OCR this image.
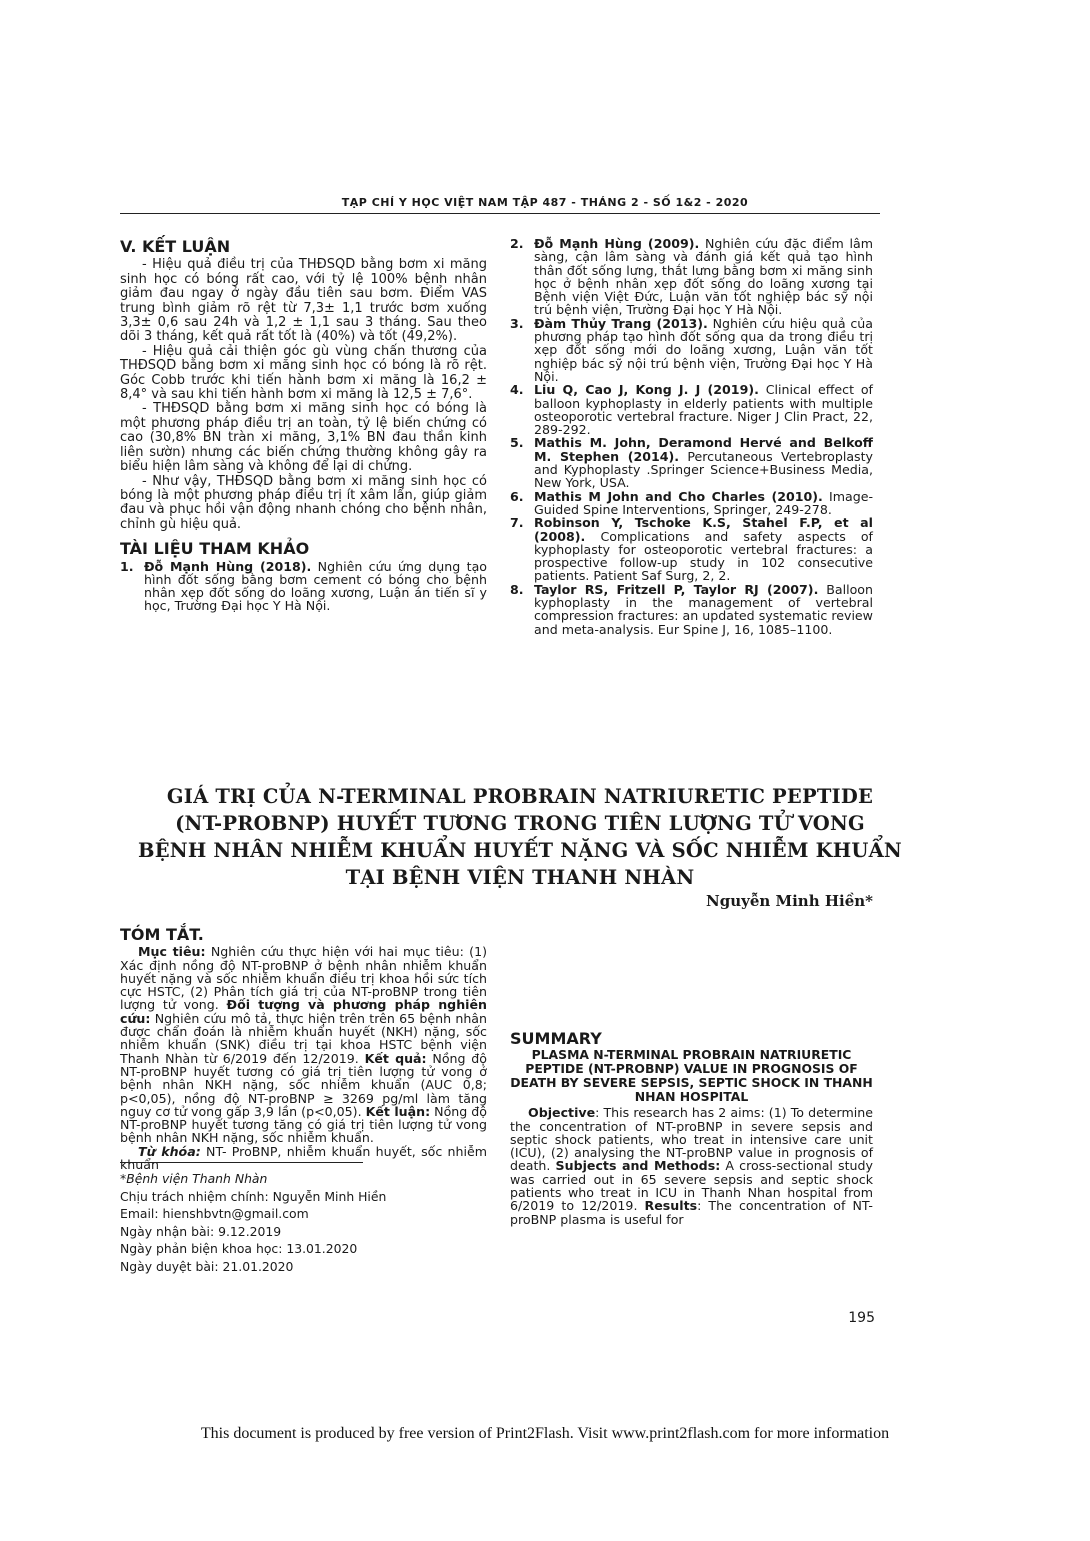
TẠP CHÍ Y HỌC VIỆT NAM TẬP 487 - THÁNG 2 - SỐ 1&2 - 2020
V. KẾT LUẬN

- Hiệu quả điều trị của THĐSQD bằng bơm xi măng sinh học có bóng rất cao, với tỷ lệ 100% bệnh nhân giảm đau ngay ở ngày đầu tiên sau bơm. Điểm VAS trung bình giảm rõ rệt từ 7,3± 1,1 trước bơm xuống 3,3± 0,6 sau 24h và 1,2 ± 1,1 sau 3 tháng. Sau theo dõi 3 tháng, kết quả rất tốt là (40%) và tốt (49,2%).

- Hiệu quả cải thiện góc gù vùng chấn thương của THĐSQD bằng bơm xi măng sinh học có bóng là rõ rệt. Góc Cobb trước khi tiến hành bơm xi măng là 16,2 ± 8,4° và sau khi tiến hành bơm xi măng là 12,5 ± 7,6°.

- THĐSQD bằng bơm xi măng sinh học có bóng là một phương pháp điều trị an toàn, tỷ lệ biến chứng có cao (30,8% BN tràn xi măng, 3,1% BN đau thần kinh liên sườn) nhưng các biến chứng thường không gây ra biểu hiện lâm sàng và không để lại di chứng.

- Như vậy, THĐSQD bằng bơm xi măng sinh học có bóng là một phương pháp điều trị ít xâm lấn, giúp giảm đau và phục hồi vận động nhanh chóng cho bệnh nhân, chỉnh gù hiệu quả.

TÀI LIỆU THAM KHẢO
1. Đỗ Mạnh Hùng (2018). Nghiên cứu ứng dụng tạo hình đốt sống bằng bơm cement có bóng cho bệnh nhân xẹp đốt sống do loãng xương, Luận án tiến sĩ y học, Trường Đại học Y Hà Nội.
2. Đỗ Mạnh Hùng (2009). Nghiên cứu đặc điểm lâm sàng, cận lâm sàng và đánh giá kết quả tạo hình thân đốt sống lưng, thắt lưng bằng bơm xi măng sinh học ở bệnh nhân xẹp đốt sống do loãng xương tại Bệnh viện Việt Đức, Luận văn tốt nghiệp bác sỹ nội trú bệnh viện, Trường Đại học Y Hà Nội.
3. Đàm Thủy Trang (2013). Nghiên cứu hiệu quả của phương pháp tạo hình đốt sống qua da trong điều trị xẹp đốt sống mới do loãng xương, Luận văn tốt nghiệp bác sỹ nội trú bệnh viện, Trường Đại học Y Hà Nội.
4. Liu Q, Cao J, Kong J. J (2019). Clinical effect of balloon kyphoplasty in elderly patients with multiple osteoporotic vertebral fracture. Niger J Clin Pract, 22, 289-292.
5. Mathis M. John, Deramond Hervé and Belkoff M. Stephen (2014). Percutaneous Vertebroplasty and Kyphoplasty .Springer Science+Business Media, New York, USA.
6. Mathis M John and Cho Charles (2010). Image-Guided Spine Interventions, Springer, 249-278.
7. Robinson Y, Tschoke K.S, Stahel F.P, et al (2008). Complications and safety aspects of kyphoplasty for osteoporotic vertebral fractures: a prospective follow-up study in 102 consecutive patients. Patient Saf Surg, 2, 2.
8. Taylor RS, Fritzell P, Taylor RJ (2007). Balloon kyphoplasty in the management of vertebral compression fractures: an updated systematic review and meta-analysis. Eur Spine J, 16, 1085–1100.
GIÁ TRỊ CỦA N-TERMINAL PROBRAIN NATRIURETIC PEPTIDE
(NT-PROBNP) HUYẾT TƯƠNG TRONG TIÊN LƯỢNG TỬ VONG
BỆNH NHÂN NHIỄM KHUẨN HUYẾT NẶNG VÀ SỐC NHIỄM KHUẨN
TẠI BỆNH VIỆN THANH NHÀN
Nguyễn Minh Hiền*
TÓM TẮT.

Mục tiêu: Nghiên cứu thực hiện với hai mục tiêu: (1) Xác định nồng độ NT-proBNP ở bệnh nhân nhiễm khuẩn huyết nặng và sốc nhiễm khuẩn điều trị khoa hồi sức tích cực HSTC, (2) Phân tích giá trị của NT-proBNP trong tiên lượng tử vong. Đối tượng và phương pháp nghiên cứu: Nghiên cứu mô tả, thực hiện trên trên 65 bệnh nhân được chẩn đoán là nhiễm khuẩn huyết (NKH) nặng, sốc nhiễm khuẩn (SNK) điều trị tại khoa HSTC bệnh viện Thanh Nhàn từ 6/2019 đến 12/2019. Kết quả: Nồng độ NT-proBNP huyết tương có giá trị tiên lượng tử vong ở bệnh nhân NKH nặng, sốc nhiễm khuẩn (AUC 0,8; p<0,05), nồng độ NT-proBNP ≥ 3269 pg/ml làm tăng nguy cơ tử vong gấp 3,9 lần (p<0,05). Kết luận: Nồng độ NT-proBNP huyết tương tăng có giá trị tiên lượng tử vong bệnh nhân NKH nặng, sốc nhiễm khuẩn.

Từ khóa: NT- ProBNP, nhiễm khuẩn huyết, sốc nhiễm khuẩn

SUMMARY
PLASMA N-TERMINAL PROBRAIN NATRIURETIC PEPTIDE (NT-PROBNP) VALUE IN PROGNOSIS OF DEATH BY SEVERE SEPSIS, SEPTIC SHOCK IN THANH NHAN HOSPITAL

Objective: This research has 2 aims: (1) To determine the concentration of NT-proBNP in severe sepsis and septic shock patients, who treat in intensive care unit (ICU), (2) analysing the NT-proBNP value in prognosis of death. Subjects and Methods: A cross-sectional study was carried out in 65 severe sepsis and septic shock patients who treat in ICU in Thanh Nhan hospital from 6/2019 to 12/2019. Results: The concentration of NT-proBNP plasma is useful for

*Bệnh viện Thanh Nhàn
Chịu trách nhiệm chính: Nguyễn Minh Hiền
Email: hienshbvtn@gmail.com
Ngày nhận bài: 9.12.2019
Ngày phản biện khoa học: 13.01.2020
Ngày duyệt bài: 21.01.2020
195
This document is produced by free version of Print2Flash. Visit www.print2flash.com for more information
